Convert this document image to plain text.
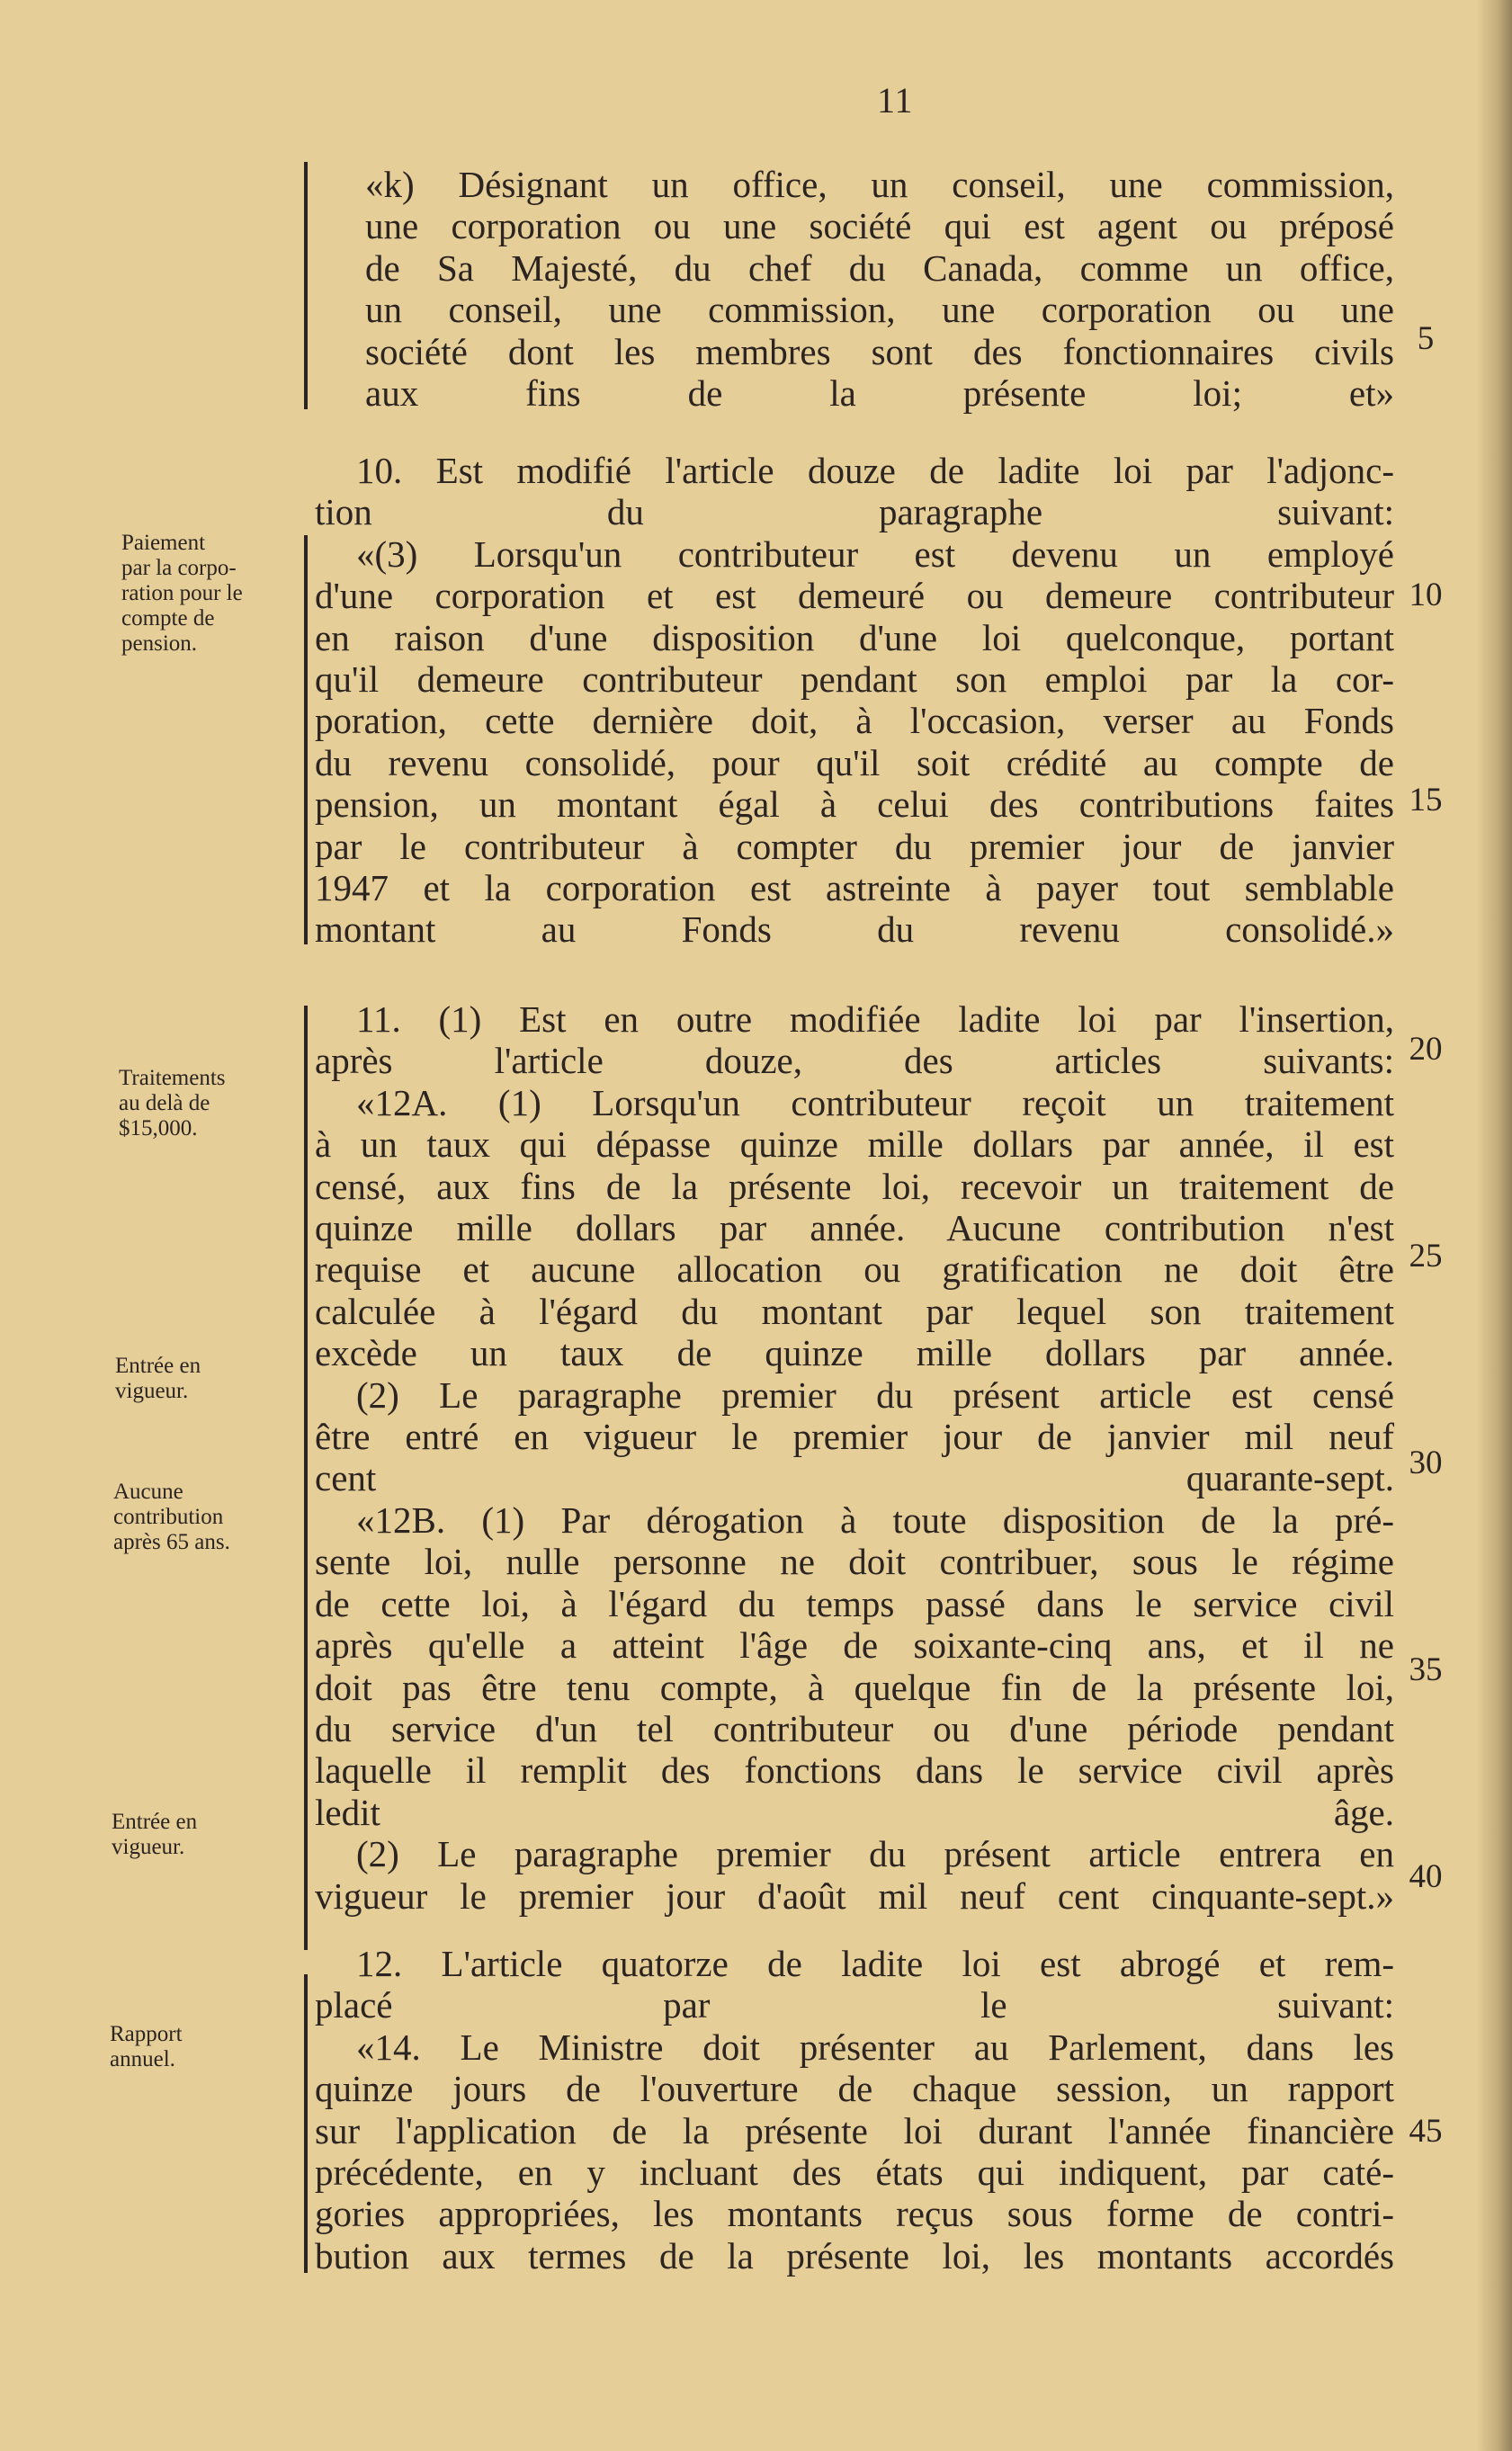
11
«k) Désignant un office, un conseil, une commission,
une corporation ou une société qui est agent ou préposé
de Sa Majesté, du chef du Canada, comme un office,
un conseil, une commission, une corporation ou une
société dont les membres sont des fonctionnaires civils
aux fins de la présente loi; et»
10. Est modifié l'article douze de ladite loi par l'adjonc-
tion du paragraphe suivant:
«(3) Lorsqu'un contributeur est devenu un employé
d'une corporation et est demeuré ou demeure contributeur
en raison d'une disposition d'une loi quelconque, portant
qu'il demeure contributeur pendant son emploi par la cor-
poration, cette dernière doit, à l'occasion, verser au Fonds
du revenu consolidé, pour qu'il soit crédité au compte de
pension, un montant égal à celui des contributions faites
par le contributeur à compter du premier jour de janvier
1947 et la corporation est astreinte à payer tout semblable
montant au Fonds du revenu consolidé.»
11. (1) Est en outre modifiée ladite loi par l'insertion,
après l'article douze, des articles suivants:
«12A. (1) Lorsqu'un contributeur reçoit un traitement
à un taux qui dépasse quinze mille dollars par année, il est
censé, aux fins de la présente loi, recevoir un traitement de
quinze mille dollars par année. Aucune contribution n'est
requise et aucune allocation ou gratification ne doit être
calculée à l'égard du montant par lequel son traitement
excède un taux de quinze mille dollars par année.
(2) Le paragraphe premier du présent article est censé
être entré en vigueur le premier jour de janvier mil neuf
cent quarante-sept.
«12B. (1) Par dérogation à toute disposition de la pré-
sente loi, nulle personne ne doit contribuer, sous le régime
de cette loi, à l'égard du temps passé dans le service civil
après qu'elle a atteint l'âge de soixante-cinq ans, et il ne
doit pas être tenu compte, à quelque fin de la présente loi,
du service d'un tel contributeur ou d'une période pendant
laquelle il remplit des fonctions dans le service civil après
ledit âge.
(2) Le paragraphe premier du présent article entrera en
vigueur le premier jour d'août mil neuf cent cinquante-sept.»
12. L'article quatorze de ladite loi est abrogé et rem-
placé par le suivant:
«14. Le Ministre doit présenter au Parlement, dans les
quinze jours de l'ouverture de chaque session, un rapport
sur l'application de la présente loi durant l'année financière
précédente, en y incluant des états qui indiquent, par caté-
gories appropriées, les montants reçus sous forme de contri-
bution aux termes de la présente loi, les montants accordés
Paiement
par la corpo-
ration pour le
compte de
pension.
Traitements
au delà de
$15,000.
Entrée en
vigueur.
Aucune
contribution
après 65 ans.
Entrée en
vigueur.
Rapport
annuel.
5
10
15
20
25
30
35
40
45
